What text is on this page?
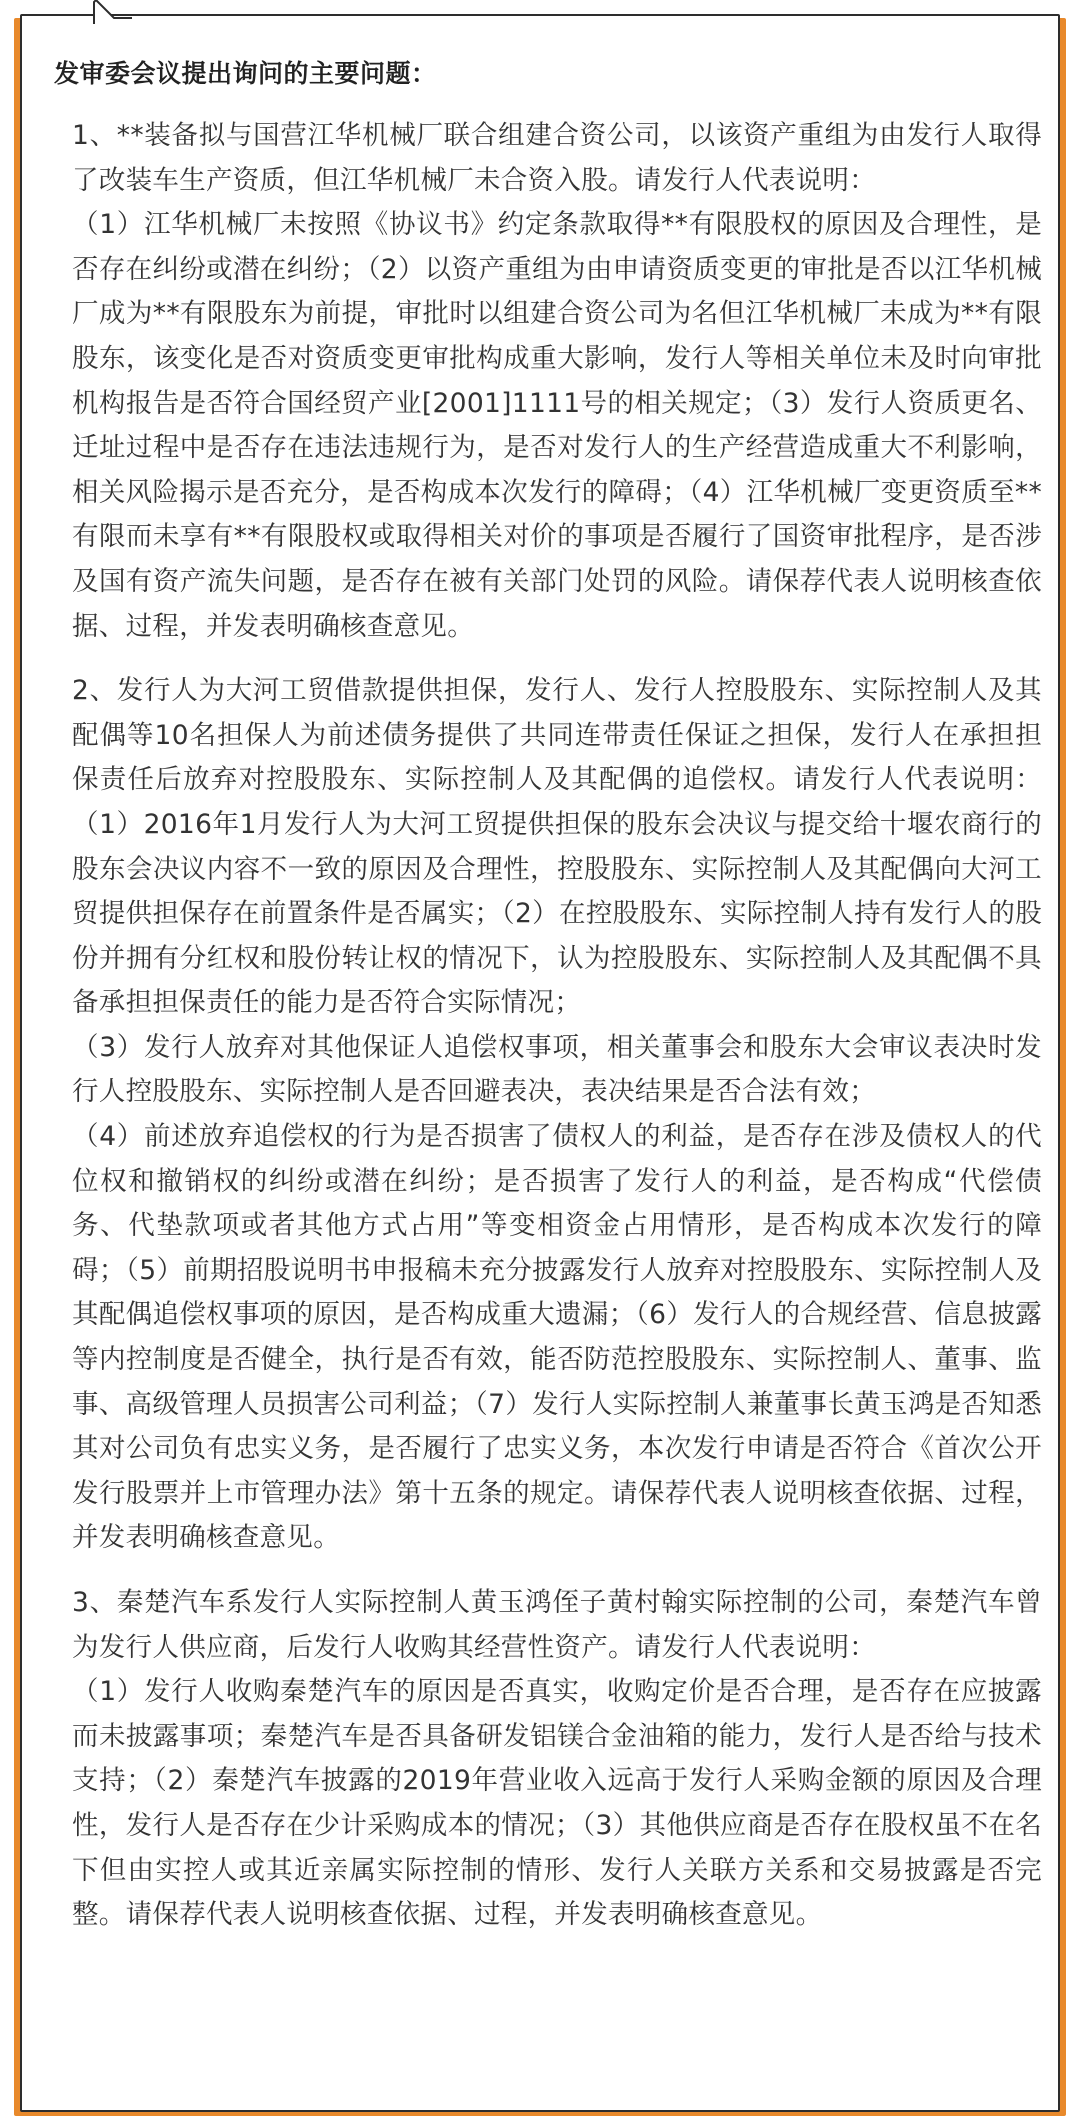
发审委会议提出询问的主要问题：
1、**装备拟与国营江华机械厂联合组建合资公司，以该资产重组为由发行人取得了改装车生产资质，但江华机械厂未合资入股。请发行人代表说明：
（1）江华机械厂未按照《协议书》约定条款取得**有限股权的原因及合理性，是否存在纠纷或潜在纠纷；（2）以资产重组为由申请资质变更的审批是否以江华机械厂成为**有限股东为前提，审批时以组建合资公司为名但江华机械厂未成为**有限股东，该变化是否对资质变更审批构成重大影响，发行人等相关单位未及时向审批机构报告是否符合国经贸产业[2001]1111号的相关规定；（3）发行人资质更名、迁址过程中是否存在违法违规行为，是否对发行人的生产经营造成重大不利影响，相关风险揭示是否充分，是否构成本次发行的障碍；（4）江华机械厂变更资质至**有限而未享有**有限股权或取得相关对价的事项是否履行了国资审批程序，是否涉及国有资产流失问题，是否存在被有关部门处罚的风险。请保荐代表人说明核查依据、过程，并发表明确核查意见。
2、发行人为大河工贸借款提供担保，发行人、发行人控股股东、实际控制人及其配偶等10名担保人为前述债务提供了共同连带责任保证之担保，发行人在承担担保责任后放弃对控股股东、实际控制人及其配偶的追偿权。请发行人代表说明：（1）2016年1月发行人为大河工贸提供担保的股东会决议与提交给十堰农商行的股东会决议内容不一致的原因及合理性，控股股东、实际控制人及其配偶向大河工贸提供担保存在前置条件是否属实；（2）在控股股东、实际控制人持有发行人的股份并拥有分红权和股份转让权的情况下，认为控股股东、实际控制人及其配偶不具备承担担保责任的能力是否符合实际情况；
（3）发行人放弃对其他保证人追偿权事项，相关董事会和股东大会审议表决时发行人控股股东、实际控制人是否回避表决，表决结果是否合法有效；
（4）前述放弃追偿权的行为是否损害了债权人的利益，是否存在涉及债权人的代位权和撤销权的纠纷或潜在纠纷；是否损害了发行人的利益，是否构成“代偿债务、代垫款项或者其他方式占用”等变相资金占用情形，是否构成本次发行的障碍；（5）前期招股说明书申报稿未充分披露发行人放弃对控股股东、实际控制人及其配偶追偿权事项的原因，是否构成重大遗漏；（6）发行人的合规经营、信息披露等内控制度是否健全，执行是否有效，能否防范控股股东、实际控制人、董事、监事、高级管理人员损害公司利益；（7）发行人实际控制人兼董事长黄玉鸿是否知悉其对公司负有忠实义务，是否履行了忠实义务，本次发行申请是否符合《首次公开发行股票并上市管理办法》第十五条的规定。请保荐代表人说明核查依据、过程，并发表明确核查意见。
3、秦楚汽车系发行人实际控制人黄玉鸿侄子黄村翰实际控制的公司，秦楚汽车曾为发行人供应商，后发行人收购其经营性资产。请发行人代表说明：
（1）发行人收购秦楚汽车的原因是否真实，收购定价是否合理，是否存在应披露而未披露事项；秦楚汽车是否具备研发铝镁合金油箱的能力，发行人是否给与技术支持；（2）秦楚汽车披露的2019年营业收入远高于发行人采购金额的原因及合理性，发行人是否存在少计采购成本的情况；（3）其他供应商是否存在股权虽不在名下但由实控人或其近亲属实际控制的情形、发行人关联方关系和交易披露是否完整。请保荐代表人说明核查依据、过程，并发表明确核查意见。
